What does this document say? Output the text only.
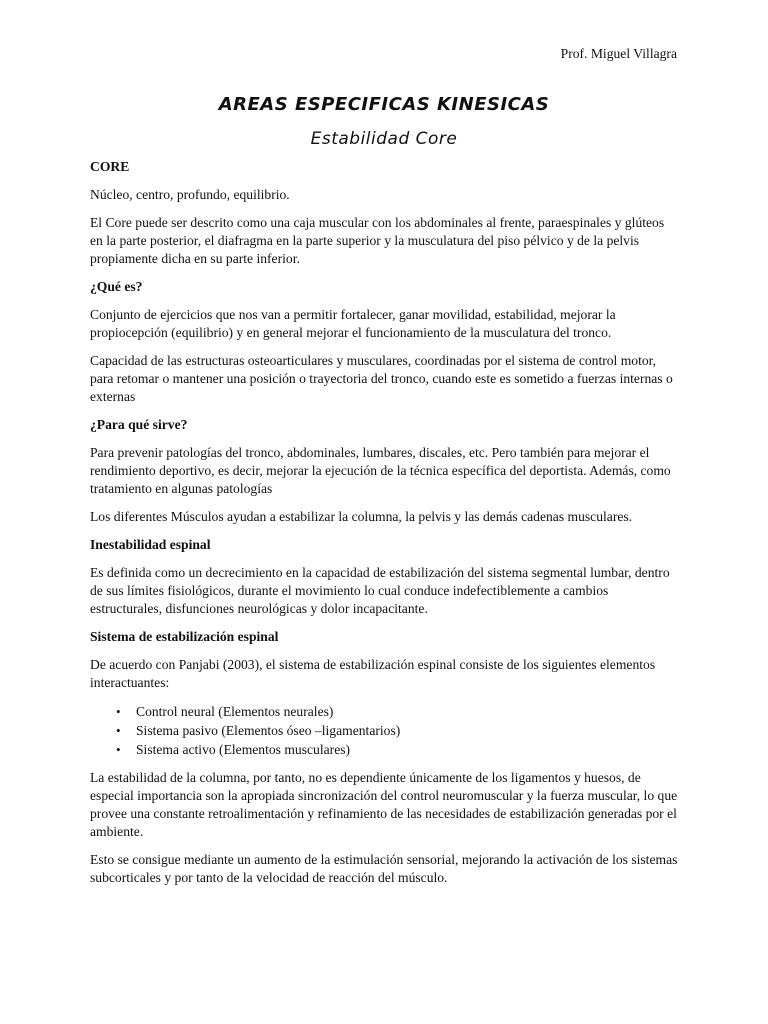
Prof. Miguel Villagra
AREAS ESPECIFICAS KINESICAS
Estabilidad Core

CORE

Núcleo, centro, profundo, equilibrio.

El Core puede ser descrito como una caja muscular con los abdominales al frente, paraespinales y glúteos en la parte posterior, el diafragma en la parte superior y la musculatura del piso pélvico y de la pelvis propiamente dicha en su parte inferior.

¿Qué es?

Conjunto de ejercicios que nos van a permitir fortalecer, ganar movilidad, estabilidad, mejorar la propiocepción (equilibrio) y en general mejorar el funcionamiento de la musculatura del tronco.

Capacidad de las estructuras osteoarticulares y musculares, coordinadas por el sistema de control motor, para retomar o mantener una posición o trayectoria del tronco, cuando este es sometido a fuerzas internas o externas

¿Para qué sirve?

Para prevenir patologías del tronco, abdominales, lumbares, discales, etc. Pero también para mejorar el rendimiento deportivo, es decir, mejorar la ejecución de la técnica específica del deportista. Además, como tratamiento en algunas patologías

Los diferentes Músculos ayudan a estabilizar la columna, la pelvis y las demás cadenas musculares.

Inestabilidad espinal

Es definida como un decrecimiento en la capacidad de estabilización del sistema segmental lumbar, dentro de sus límites fisiológicos, durante el movimiento lo cual conduce indefectiblemente a cambios estructurales, disfunciones neurológicas y dolor incapacitante.

Sistema de estabilización espinal

De acuerdo con Panjabi (2003), el sistema de estabilización espinal consiste de los siguientes elementos interactuantes:

• Control neural (Elementos neurales)
• Sistema pasivo (Elementos óseo –ligamentarios)
• Sistema activo (Elementos musculares)

La estabilidad de la columna, por tanto, no es dependiente únicamente de los ligamentos y huesos, de especial importancia son la apropiada sincronización del control neuromuscular y la fuerza muscular, lo que provee una constante retroalimentación y refinamiento de las necesidades de estabilización generadas por el ambiente.

Esto se consigue mediante un aumento de la estimulación sensorial, mejorando la activación de los sistemas subcorticales y por tanto de la velocidad de reacción del músculo.
